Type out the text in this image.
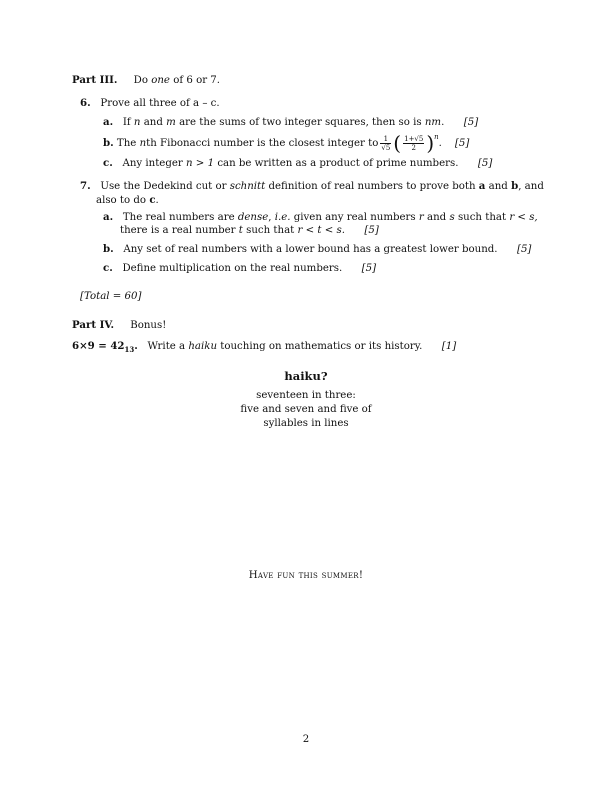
Part III. Do one of 6 or 7.
6. Prove all three of a – c.
a. If n and m are the sums of two integer squares, then so is nm. [5]
b.
The
n th Fibonacci number is the closest integer to $\frac{1}{√5}$ ( $\frac{1+√5}{2} )^n$
.
[5]
c. Any integer n > 1 can be written as a product of prime numbers. [5]
7. Use the Dedekind cut or schnitt definition of real numbers to prove both a and b, and
also to do c.
a. The real numbers are dense, i.e. given any real numbers r and s such that r < s,
there is a real number t such that r < t < s. [5]
b. Any set of real numbers with a lower bound has a greatest lower bound. [5]
c. Define multiplication on the real numbers. [5]
[Total = 60]
Part IV. Bonus!
$6\times 9 = 42_{13}$. Write a haiku touching on mathematics or its history. [1]
haiku?
seventeen in three:
five and seven and five of
syllables in lines
Have fun this summer!
2
